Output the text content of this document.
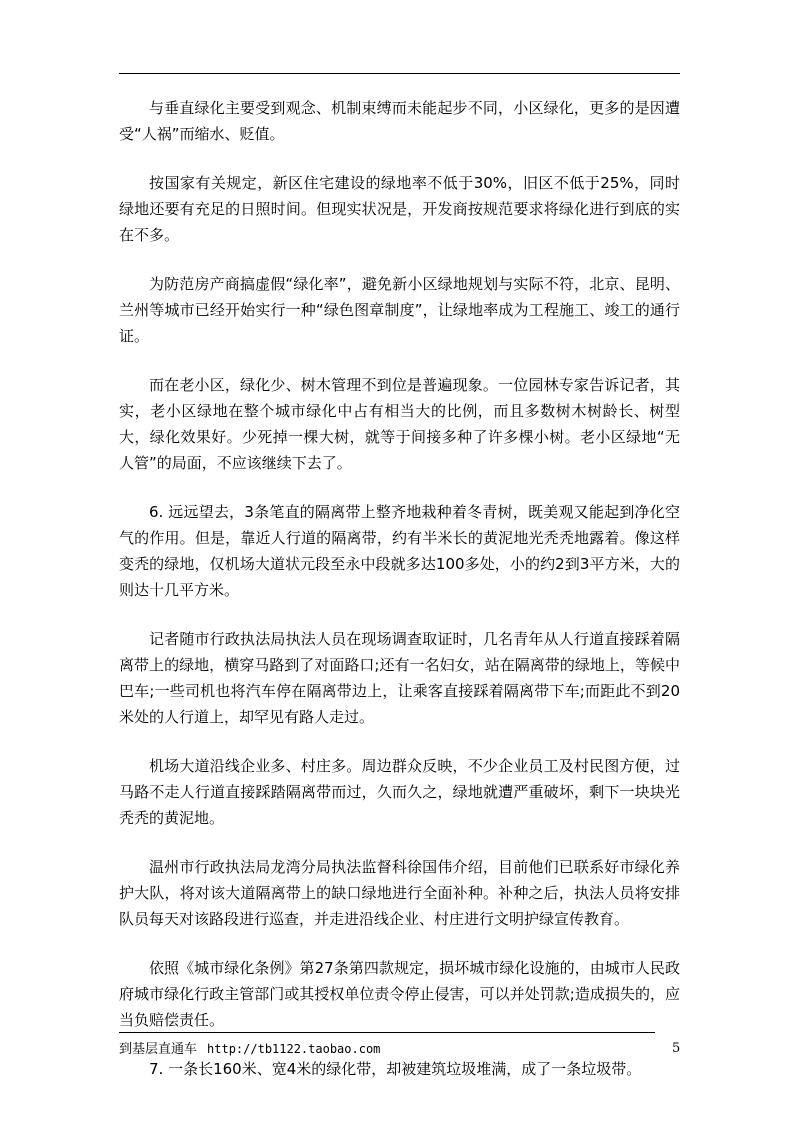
与垂直绿化主要受到观念、机制束缚而未能起步不同，小区绿化，更多的是因遭受“人祸”而缩水、贬值。

按国家有关规定，新区住宅建设的绿地率不低于30%，旧区不低于25%，同时绿地还要有充足的日照时间。但现实状况是，开发商按规范要求将绿化进行到底的实在不多。

为防范房产商搞虚假“绿化率”，避免新小区绿地规划与实际不符，北京、昆明、兰州等城市已经开始实行一种“绿色图章制度”，让绿地率成为工程施工、竣工的通行证。

而在老小区，绿化少、树木管理不到位是普遍现象。一位园林专家告诉记者，其实，老小区绿地在整个城市绿化中占有相当大的比例，而且多数树木树龄长、树型大，绿化效果好。少死掉一棵大树，就等于间接多种了许多棵小树。老小区绿地“无人管”的局面，不应该继续下去了。

6. 远远望去，3条笔直的隔离带上整齐地栽种着冬青树，既美观又能起到净化空气的作用。但是，靠近人行道的隔离带，约有半米长的黄泥地光秃秃地露着。像这样变秃的绿地，仅机场大道状元段至永中段就多达100多处，小的约2到3平方米，大的则达十几平方米。

记者随市行政执法局执法人员在现场调查取证时，几名青年从人行道直接踩着隔离带上的绿地，横穿马路到了对面路口;还有一名妇女，站在隔离带的绿地上，等候中巴车;一些司机也将汽车停在隔离带边上，让乘客直接踩着隔离带下车;而距此不到20米处的人行道上，却罕见有路人走过。

机场大道沿线企业多、村庄多。周边群众反映，不少企业员工及村民图方便，过马路不走人行道直接踩踏隔离带而过，久而久之，绿地就遭严重破坏，剩下一块块光秃秃的黄泥地。

温州市行政执法局龙湾分局执法监督科徐国伟介绍，目前他们已联系好市绿化养护大队，将对该大道隔离带上的缺口绿地进行全面补种。补种之后，执法人员将安排队员每天对该路段进行巡查，并走进沿线企业、村庄进行文明护绿宣传教育。

依照《城市绿化条例》第27条第四款规定，损坏城市绿化设施的，由城市人民政府城市绿化行政主管部门或其授权单位责令停止侵害，可以并处罚款;造成损失的，应当负赔偿责任。

7. 一条长160米、宽4米的绿化带，却被建筑垃圾堆满，成了一条垃圾带。

到基层直通车 http://tb1122.taobao.com	5
